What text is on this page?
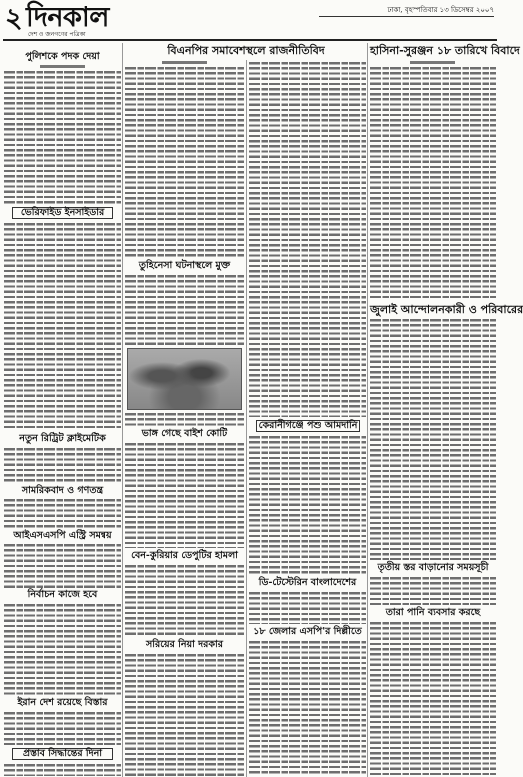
২ দিনকাল
দেশ ও জনগণের পত্রিকা
ঢাকা, বৃহস্পতিবার ১৩ ডিসেম্বর ২০০৭
পুলিশকে পদক দেয়া
ভেরিফাইড ইনসাইডার
নতুন রিট্রিট ক্লাইমেটিক
সামরিকবাদ ও গণতন্ত্র
আইএসএসপি এস্ট্রি সমন্বয়
নির্বাচন কাজে হবে
ইরান দেশ রয়েছে বিস্তার
প্রস্তাব সিদ্ধান্তের দিনা
বিএনপির সমাবেশস্থলে রাজনীতিবিদ
তুহিনেসা ঘটনাস্থলে মুক্ত
ভাঙ্গ গেছে বাইশ কোটি
বেন-কুরিয়ার ডেপুটির হামলা
সরিয়ের নিয়া দরকার
কেরানীগঞ্জে পশু আমদানি
ডি-টেস্টেরিন বাংলাদেশের
১৮ জেলার এসপি'র দিল্লীতে
হাসিনা-সুরঞ্জন ১৮ তারিখে বিবাদে
জুলাই আন্দোলনকারী ও পরিবারের
তৃতীয় স্তর বাড়ানোর সময়সূচী
তারা পানি ব্যবসার করছে
